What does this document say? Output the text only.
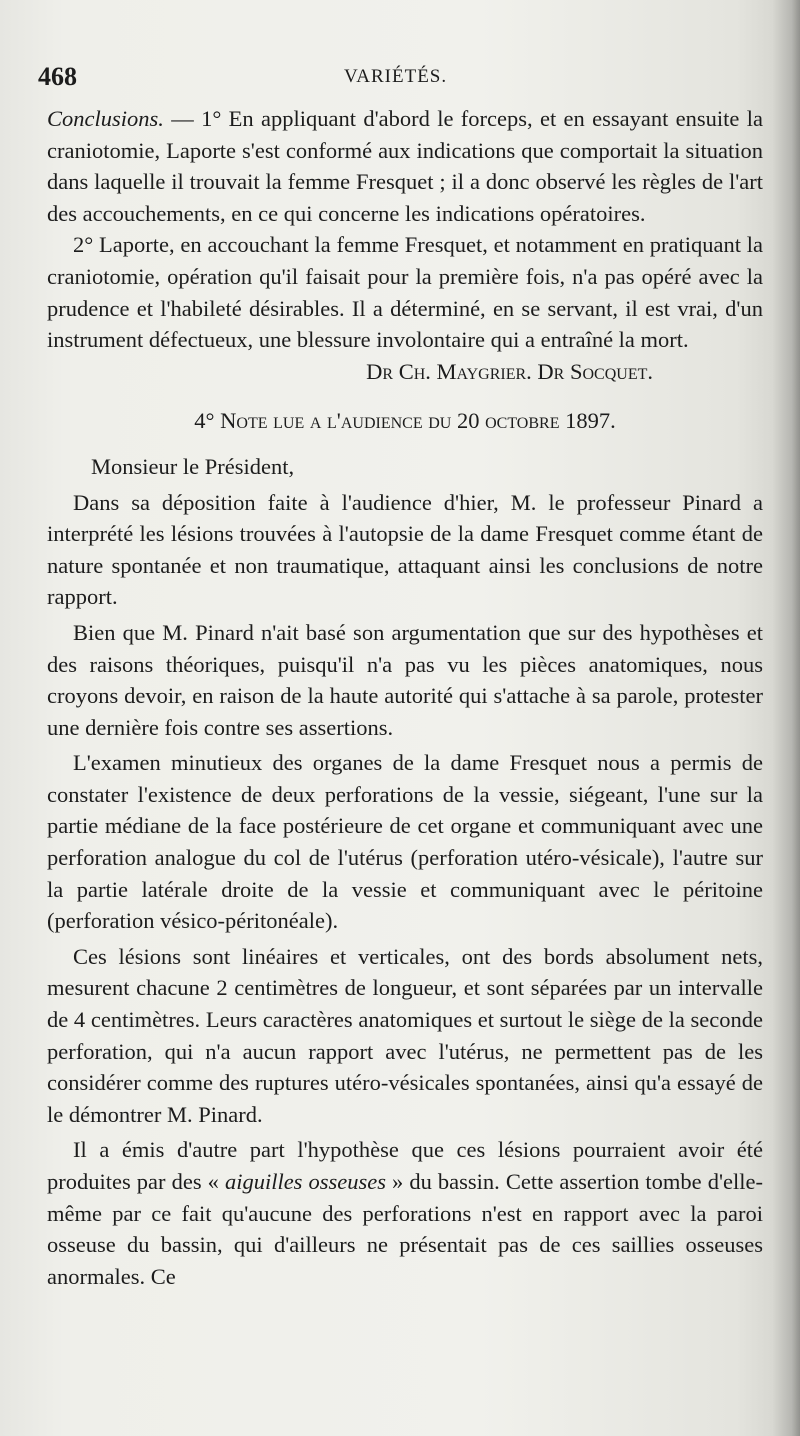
468	VARIÉTÉS.

Conclusions. — 1° En appliquant d'abord le forceps, et en essayant ensuite la craniotomie, Laporte s'est conformé aux indications que comportait la situation dans laquelle il trouvait la femme Fresquet ; il a donc observé les règles de l'art des accouchements, en ce qui concerne les indications opératoires.

2° Laporte, en accouchant la femme Fresquet, et notamment en pratiquant la craniotomie, opération qu'il faisait pour la première fois, n'a pas opéré avec la prudence et l'habileté désirables. Il a déterminé, en se servant, il est vrai, d'un instrument défectueux, une blessure involontaire qui a entraîné la mort.

Dr Ch. Maygrier. Dr Socquet.

4° Note lue a l'audience du 20 octobre 1897.

Monsieur le Président,

Dans sa déposition faite à l'audience d'hier, M. le professeur Pinard a interprété les lésions trouvées à l'autopsie de la dame Fresquet comme étant de nature spontanée et non traumatique, attaquant ainsi les conclusions de notre rapport.

Bien que M. Pinard n'ait basé son argumentation que sur des hypothèses et des raisons théoriques, puisqu'il n'a pas vu les pièces anatomiques, nous croyons devoir, en raison de la haute autorité qui s'attache à sa parole, protester une dernière fois contre ses assertions.

L'examen minutieux des organes de la dame Fresquet nous a permis de constater l'existence de deux perforations de la vessie, siégeant, l'une sur la partie médiane de la face postérieure de cet organe et communiquant avec une perforation analogue du col de l'utérus (perforation utéro-vésicale), l'autre sur la partie latérale droite de la vessie et communiquant avec le péritoine (perforation vésico-péritonéale).

Ces lésions sont linéaires et verticales, ont des bords absolument nets, mesurent chacune 2 centimètres de longueur, et sont séparées par un intervalle de 4 centimètres. Leurs caractères anatomiques et surtout le siège de la seconde perforation, qui n'a aucun rapport avec l'utérus, ne permettent pas de les considérer comme des ruptures utéro-vésicales spontanées, ainsi qu'a essayé de le démontrer M. Pinard.

Il a émis d'autre part l'hypothèse que ces lésions pourraient avoir été produites par des « aiguilles osseuses » du bassin. Cette assertion tombe d'elle-même par ce fait qu'aucune des perforations n'est en rapport avec la paroi osseuse du bassin, qui d'ailleurs ne présentait pas de ces saillies osseuses anormales. Ce
